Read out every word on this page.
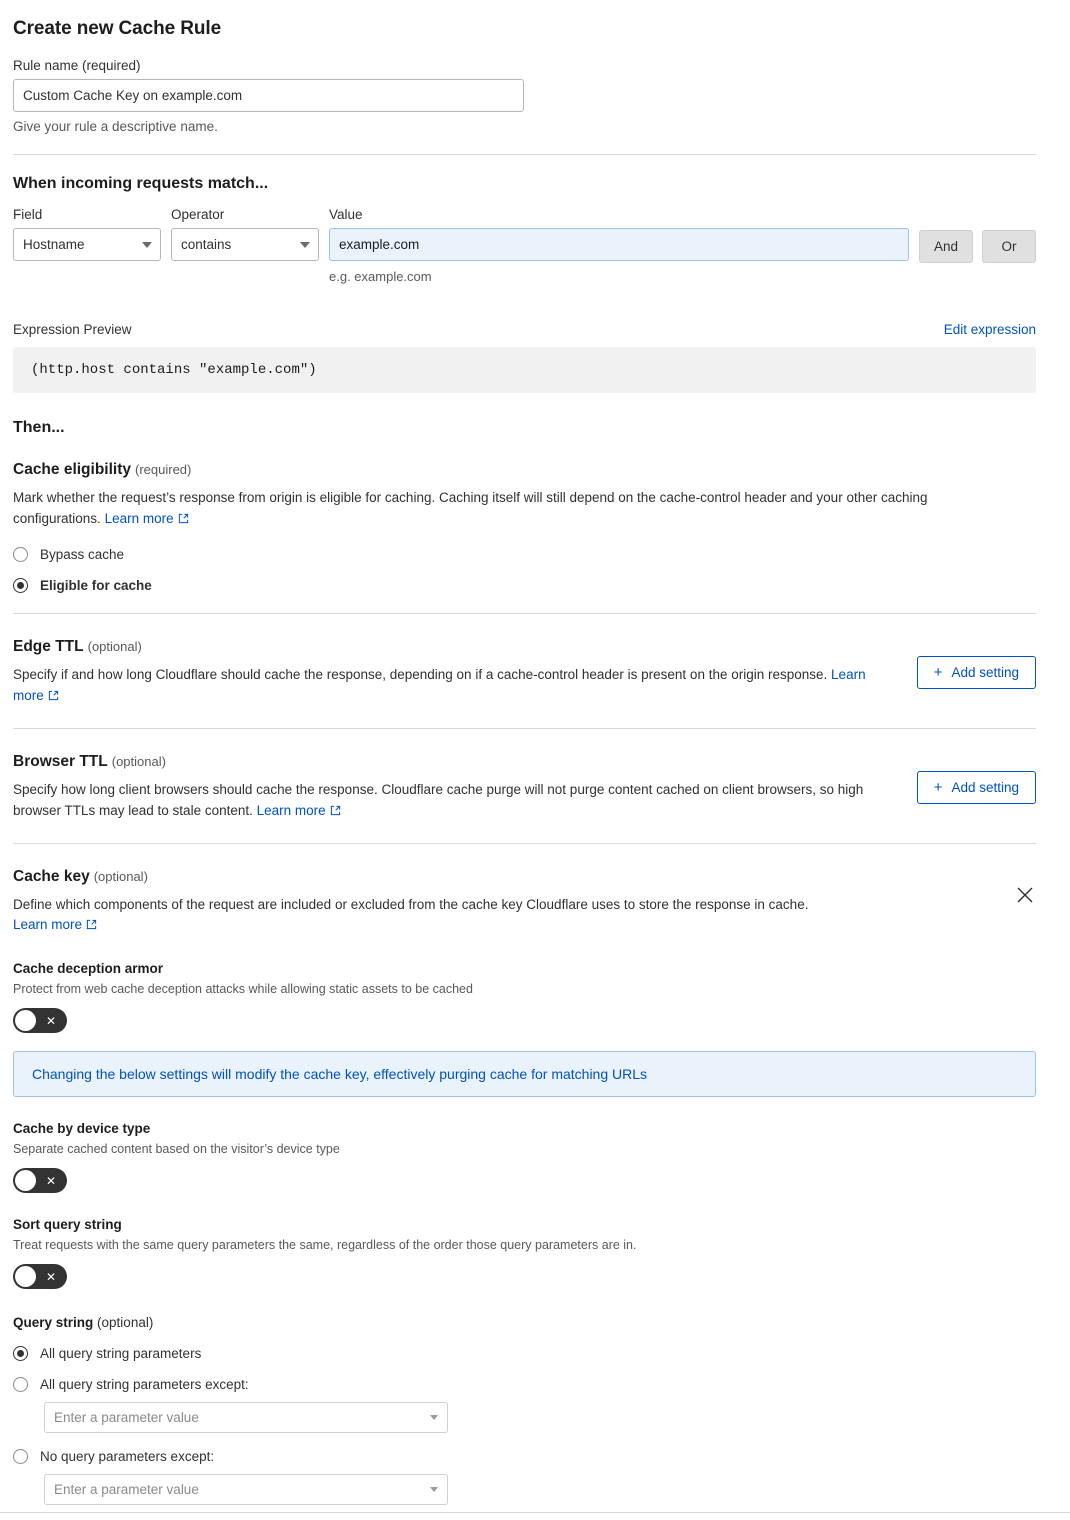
Create new Cache Rule
Rule name (required)
Custom Cache Key on example.com
Give your rule a descriptive name.
When incoming requests match...
Field
Hostname
Operator
contains
Value
example.com
e.g. example.com
And	Or
Expression Preview	Edit expression
(http.host contains "example.com")
Then...
Cache eligibility (required)
Mark whether the request’s response from origin is eligible for caching. Caching itself will still depend on the cache-control header and your other caching configurations. Learn more
Bypass cache
Eligible for cache
+ Add setting
Edge TTL (optional)
Specify if and how long Cloudflare should cache the response, depending on if a cache-control header is present on the origin response. Learn more
+ Add setting
Browser TTL (optional)
Specify how long client browsers should cache the response. Cloudflare cache purge will not purge content cached on client browsers, so high browser TTLs may lead to stale content. Learn more
Cache key (optional)
Define which components of the request are included or excluded from the cache key Cloudflare uses to store the response in cache.
Learn more
Cache deception armor
Protect from web cache deception attacks while allowing static assets to be cached
✕
Changing the below settings will modify the cache key, effectively purging cache for matching URLs
Cache by device type
Separate cached content based on the visitor’s device type
✕
Sort query string
Treat requests with the same query parameters the same, regardless of the order those query parameters are in.
✕
Query string (optional)
All query string parameters
All query string parameters except:
Enter a parameter value
No query parameters except:
Enter a parameter value
